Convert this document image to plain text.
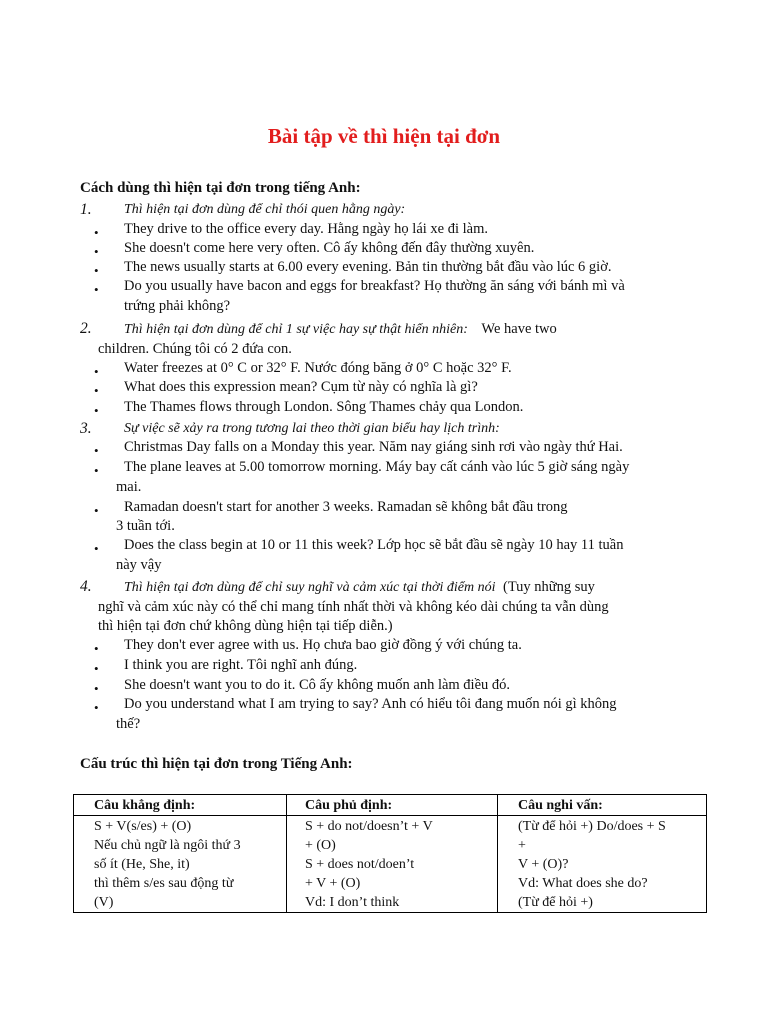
Bài tập về thì hiện tại đơn
Cách dùng thì hiện tại đơn trong tiếng Anh:
1. Thì hiện tại đơn dùng để chỉ thói quen hằng ngày:
• They drive to the office every day. Hằng ngày họ lái xe đi làm.
• She doesn't come here very often. Cô ấy không đến đây thường xuyên.
• The news usually starts at 6.00 every evening. Bản tin thường bắt đầu vào lúc 6 giờ.
• Do you usually have bacon and eggs for breakfast? Họ thường ăn sáng với bánh mì và
trứng phải không?
2. Thì hiện tại đơn dùng để chỉ 1 sự việc hay sự thật hiển nhiên: We have two
children. Chúng tôi có 2 đứa con.
• Water freezes at 0° C or 32° F. Nước đóng băng ở 0° C hoặc 32° F.
• What does this expression mean? Cụm từ này có nghĩa là gì?
• The Thames flows through London. Sông Thames chảy qua London.
3. Sự việc sẽ xảy ra trong tương lai theo thời gian biểu hay lịch trình:
• Christmas Day falls on a Monday this year. Năm nay giáng sinh rơi vào ngày thứ Hai.
• The plane leaves at 5.00 tomorrow morning. Máy bay cất cánh vào lúc 5 giờ sáng ngày
mai.
• Ramadan doesn't start for another 3 weeks. Ramadan sẽ không bắt đầu trong
3 tuần tới.
• Does the class begin at 10 or 11 this week? Lớp học sẽ bắt đầu sẽ ngày 10 hay 11 tuần
này vậy
4. Thì hiện tại đơn dùng để chỉ suy nghĩ và cảm xúc tại thời điểm nói (Tuy những suy
nghĩ và cảm xúc này có thể chỉ mang tính nhất thời và không kéo dài chúng ta vẫn dùng
thì hiện tại đơn chứ không dùng hiện tại tiếp diễn.)
• They don't ever agree with us. Họ chưa bao giờ đồng ý với chúng ta.
• I think you are right. Tôi nghĩ anh đúng.
• She doesn't want you to do it. Cô ấy không muốn anh làm điều đó.
• Do you understand what I am trying to say? Anh có hiểu tôi đang muốn nói gì không
thế?
Cấu trúc thì hiện tại đơn trong Tiếng Anh:
Câu khẳng định:	Câu phủ định:	Câu nghi vấn:

S + V(s/es) + (O)
Nếu chủ ngữ là ngôi thứ 3
số ít (He, She, it)
thì thêm s/es sau động từ
(V)	S + do not/doesn’t + V
+ (O)
S + does not/doen’t
+ V + (O)
Vd: I don’t think	(Từ để hỏi +) Do/does + S
+
V + (O)?
Vd: What does she do?
(Từ để hỏi +)
